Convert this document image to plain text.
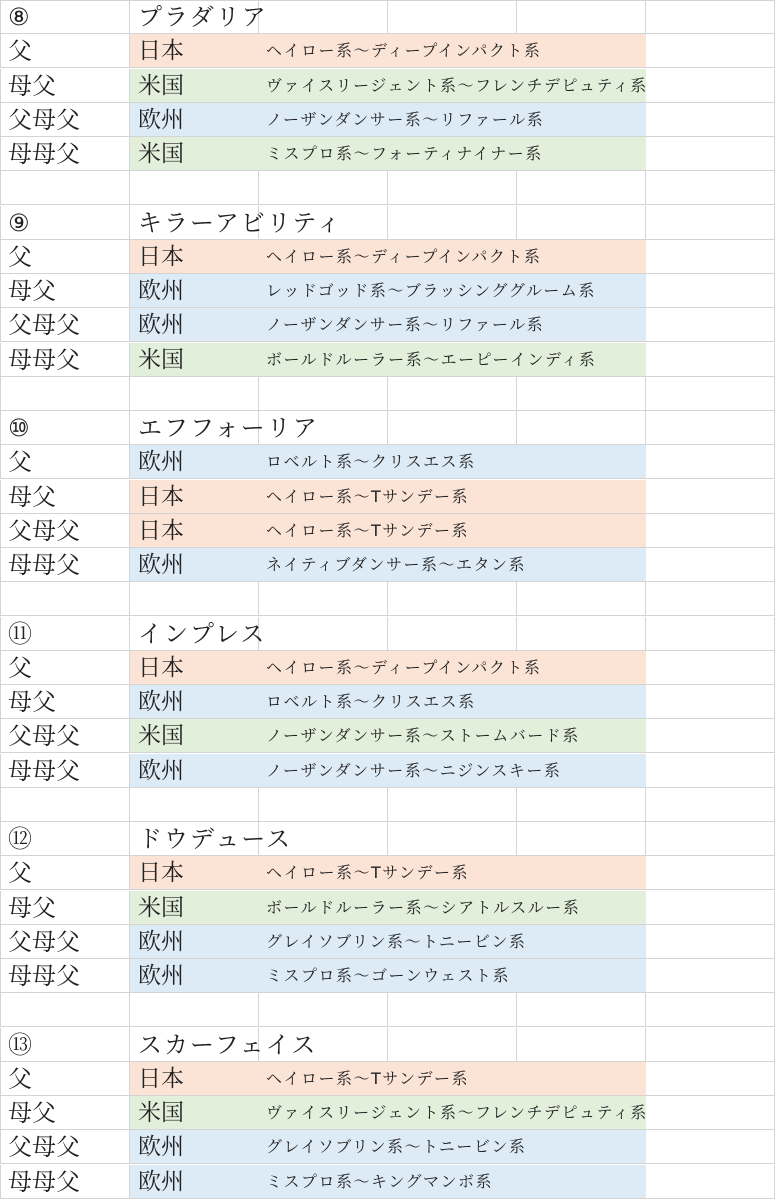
⑧	プラダリア
父	日本	ヘイロー系〜ディープインパクト系
母父	米国	ヴァイスリージェント系〜フレンチデピュティ系
父母父	欧州	ノーザンダンサー系〜リファール系
母母父	米国	ミスプロ系〜フォーティナイナー系
⑨	キラーアビリティ
父	日本	ヘイロー系〜ディープインパクト系
母父	欧州	レッドゴッド系〜ブラッシンググルーム系
父母父	欧州	ノーザンダンサー系〜リファール系
母母父	米国	ボールドルーラー系〜エーピーインディ系
⑩	エフフォーリア
父	欧州	ロベルト系〜クリスエス系
母父	日本	ヘイロー系〜Tサンデー系
父母父	日本	ヘイロー系〜Tサンデー系
母母父	欧州	ネイティブダンサー系〜エタン系
⑪	インプレス
父	日本	ヘイロー系〜ディープインパクト系
母父	欧州	ロベルト系〜クリスエス系
父母父	米国	ノーザンダンサー系〜ストームバード系
母母父	欧州	ノーザンダンサー系〜ニジンスキー系
⑫	ドウデュース
父	日本	ヘイロー系〜Tサンデー系
母父	米国	ボールドルーラー系〜シアトルスルー系
父母父	欧州	グレイソブリン系〜トニービン系
母母父	欧州	ミスプロ系〜ゴーンウェスト系
⑬	スカーフェイス
父	日本	ヘイロー系〜Tサンデー系
母父	米国	ヴァイスリージェント系〜フレンチデピュティ系
父母父	欧州	グレイソブリン系〜トニービン系
母母父	欧州	ミスプロ系〜キングマンボ系
